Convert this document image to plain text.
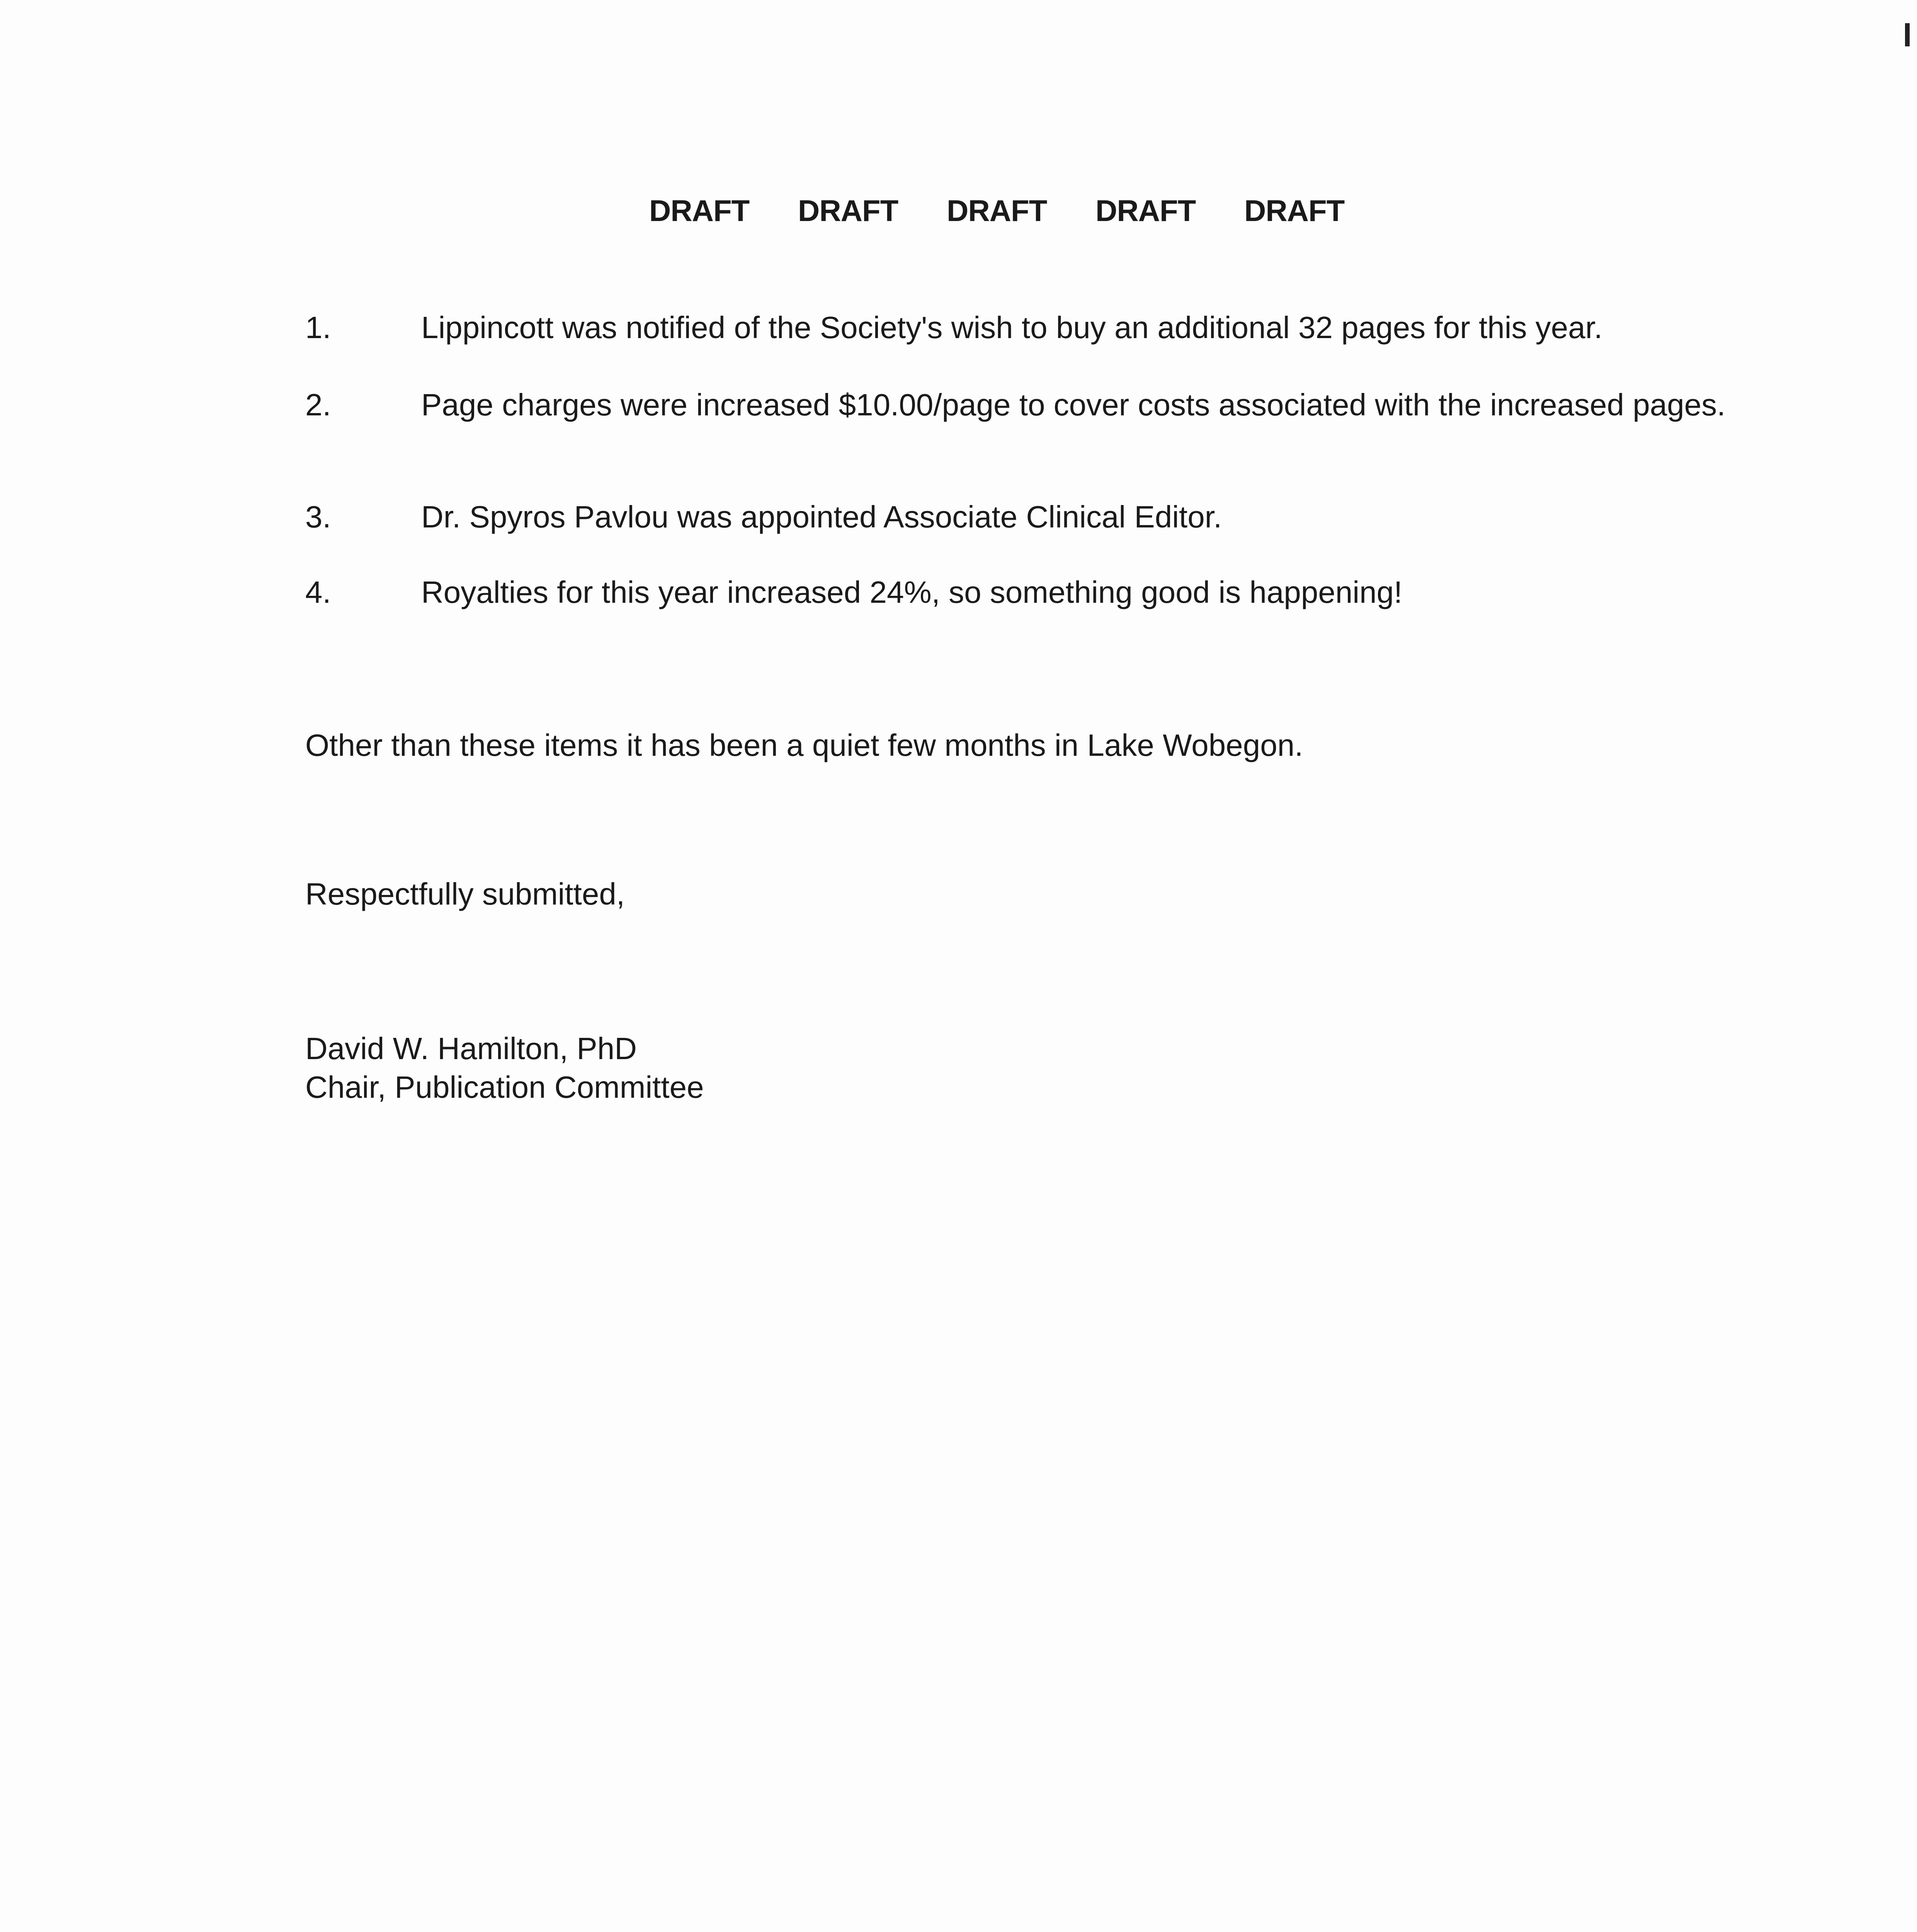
DRAFT DRAFT DRAFT DRAFT DRAFT
1.	Lippincott was notified of the Society's wish to buy an additional 32 pages for this year.
2.	Page charges were increased $10.00/page to cover costs associated with the increased pages.
3.	Dr. Spyros Pavlou was appointed Associate Clinical Editor.
4.	Royalties for this year increased 24%, so something good is happening!
Other than these items it has been a quiet few months in Lake Wobegon.
Respectfully submitted,
David W. Hamilton, PhD
Chair, Publication Committee
